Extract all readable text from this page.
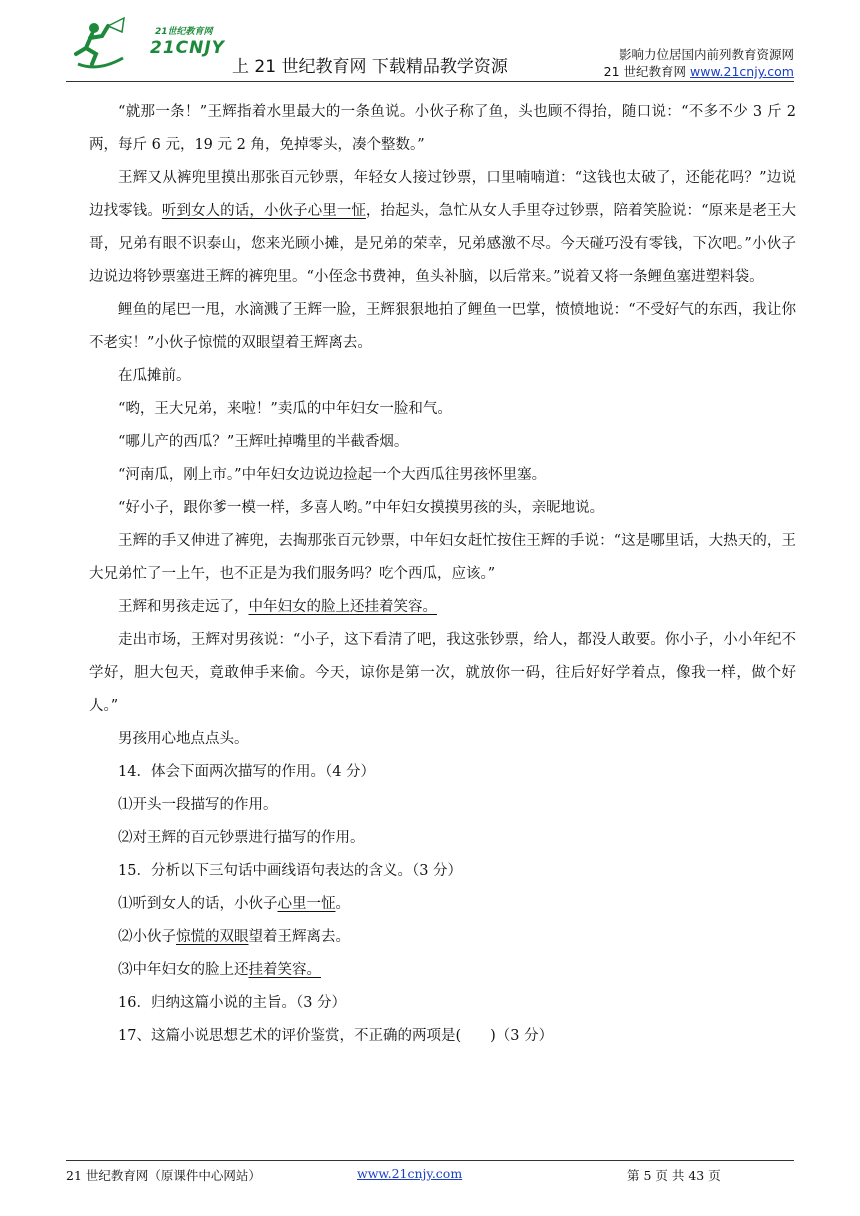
21世纪教育网
21CNJY
上 21 世纪教育网 下载精品教学资源
影响力位居国内前列教育资源网
21 世纪教育网 www.21cnjy.com

“就那一条！”王辉指着水里最大的一条鱼说。小伙子称了鱼，头也顾不得抬，随口说：“不多不少 3 斤 2 两，每斤 6 元，19 元 2 角，免掉零头，凑个整数。”

王辉又从裤兜里摸出那张百元钞票，年轻女人接过钞票，口里喃喃道：“这钱也太破了，还能花吗？”边说边找零钱。听到女人的话，小伙子心里一怔，抬起头，急忙从女人手里夺过钞票，陪着笑脸说：“原来是老王大哥，兄弟有眼不识泰山，您来光顾小摊，是兄弟的荣幸，兄弟感激不尽。今天碰巧没有零钱，下次吧。”小伙子边说边将钞票塞进王辉的裤兜里。“小侄念书费神，鱼头补脑，以后常来。”说着又将一条鲤鱼塞进塑料袋。

鲤鱼的尾巴一甩，水滴溅了王辉一脸，王辉狠狠地拍了鲤鱼一巴掌，愤愤地说：“不受好气的东西，我让你不老实！”小伙子惊慌的双眼望着王辉离去。

在瓜摊前。

“哟，王大兄弟，来啦！”卖瓜的中年妇女一脸和气。

“哪儿产的西瓜？”王辉吐掉嘴里的半截香烟。

“河南瓜，刚上市。”中年妇女边说边捡起一个大西瓜往男孩怀里塞。

“好小子，跟你爹一模一样，多喜人哟。”中年妇女摸摸男孩的头，亲昵地说。

王辉的手又伸进了裤兜，去掏那张百元钞票，中年妇女赶忙按住王辉的手说：“这是哪里话，大热天的，王大兄弟忙了一上午，也不正是为我们服务吗？吃个西瓜，应该。”

王辉和男孩走远了，中年妇女的脸上还挂着笑容。

走出市场，王辉对男孩说：“小子，这下看清了吧，我这张钞票，给人，都没人敢要。你小子，小小年纪不学好，胆大包天，竟敢伸手来偷。今天，谅你是第一次，就放你一码，往后好好学着点，像我一样，做个好人。”

男孩用心地点点头。

14．体会下面两次描写的作用。（4 分）

⑴开头一段描写的作用。

⑵对王辉的百元钞票进行描写的作用。

15．分析以下三句话中画线语句表达的含义。（3 分）

⑴听到女人的话，小伙子心里一怔。

⑵小伙子惊慌的双眼望着王辉离去。

⑶中年妇女的脸上还挂着笑容。

16．归纳这篇小说的主旨。（3 分）

17、这篇小说思想艺术的评价鉴赏，不正确的两项是(　　)（3 分）

21 世纪教育网（原课件中心网站）	www.21cnjy.com	第 5 页 共 43 页
